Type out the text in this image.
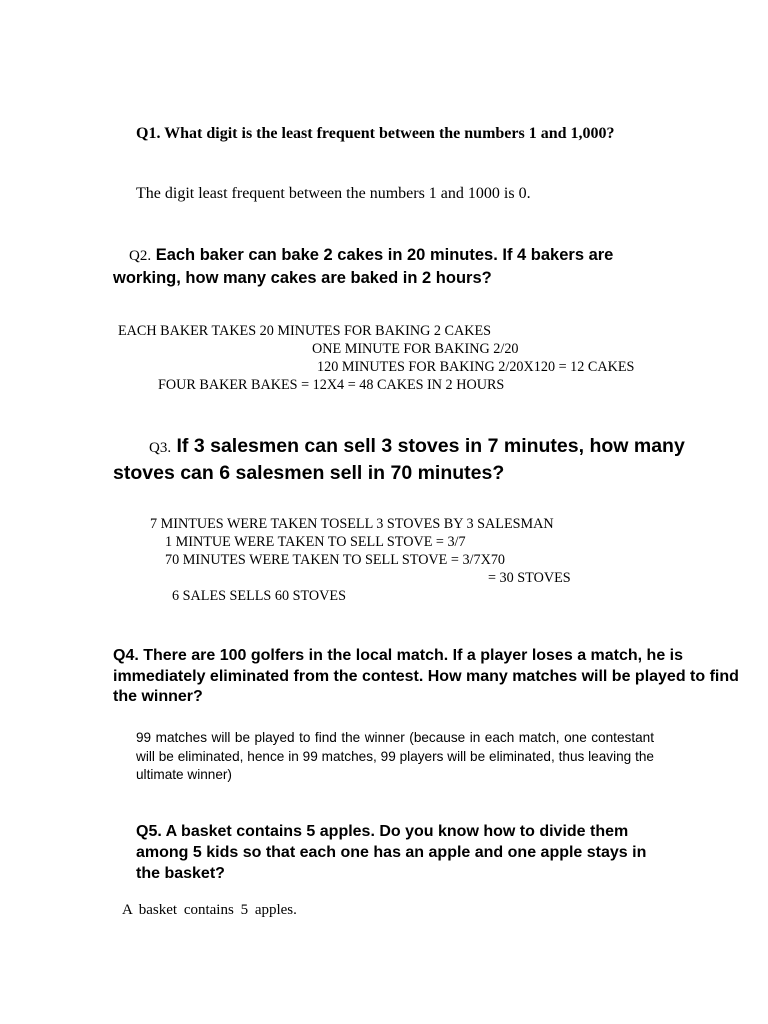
Q1. What digit is the least frequent between the numbers 1 and 1,000?
The digit least frequent between the numbers 1 and 1000 is 0.
Q2. Each baker can bake 2 cakes in 20 minutes. If 4 bakers are working, how many cakes are baked in 2 hours?
EACH BAKER TAKES 20 MINUTES FOR BAKING 2 CAKES
ONE MINUTE FOR BAKING 2/20
120 MINUTES FOR BAKING 2/20X120 = 12 CAKES
FOUR BAKER BAKES = 12X4 = 48 CAKES IN 2 HOURS
Q3. If 3 salesmen can sell 3 stoves in 7 minutes, how many stoves can 6 salesmen sell in 70 minutes?
7 MINTUES WERE TAKEN TOSELL 3 STOVES BY 3 SALESMAN
1 MINTUE WERE TAKEN TO SELL STOVE = 3/7
70 MINUTES WERE TAKEN TO SELL STOVE = 3/7X70
= 30 STOVES
6 SALES SELLS 60 STOVES
Q4. There are 100 golfers in the local match. If a player loses a match, he is immediately eliminated from the contest. How many matches will be played to find the winner?
99 matches will be played to find the winner (because in each match, one contestant will be eliminated, hence in 99 matches, 99 players will be eliminated, thus leaving the ultimate winner)
Q5. A basket contains 5 apples. Do you know how to divide them among 5 kids so that each one has an apple and one apple stays in the basket?
A basket contains 5 apples.
